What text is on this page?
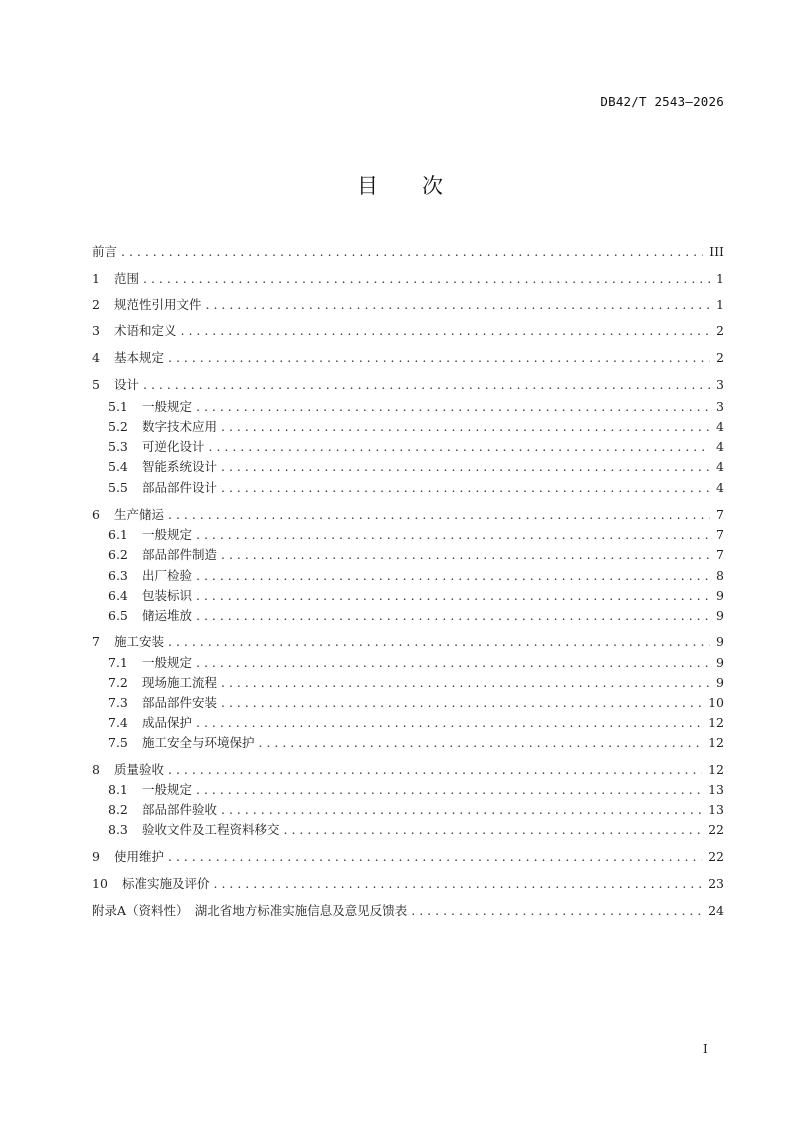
DB42/T 2543—2026
目 次
前言 . . .	III
1	范围 . . .	1
2	规范性引用文件 . . .	1
3	术语和定义 . . .	2
4	基本规定 . . .	2
5	设计 . . .	3
5.1	一般规定 . . .	3
5.2	数字技术应用 . . .	4
5.3	可逆化设计 . . .	4
5.4	智能系统设计 . . .	4
5.5	部品部件设计 . . .	4
6	生产储运 . . .	7
6.1	一般规定 . . .	7
6.2	部品部件制造 . . .	7
6.3	出厂检验 . . .	8
6.4	包装标识 . . .	9
6.5	储运堆放 . . .	9
7	施工安装 . . .	9
7.1	一般规定 . . .	9
7.2	现场施工流程 . . .	9
7.3	部品部件安装 . . .	10
7.4	成品保护 . . .	12
7.5	施工安全与环境保护 . . .	12
8	质量验收 . . .	12
8.1	一般规定 . . .	13
8.2	部品部件验收 . . .	13
8.3	验收文件及工程资料移交 . . .	22
9	使用维护 . . .	22
10	标准实施及评价 . . .	23
附录A（资料性）　湖北省地方标准实施信息及意见反馈表 . . .	24
I
